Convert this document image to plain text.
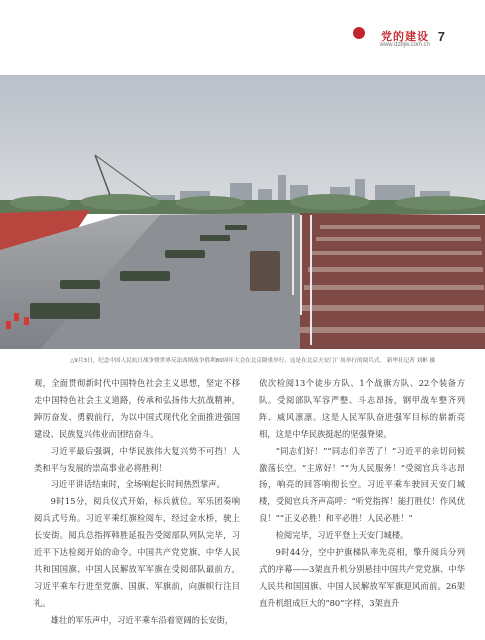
党的建设
www.dzbjw.com.cn
7
△9月3日，纪念中国人民抗日战争暨世界反法西斯战争胜利80周年大会在北京隆重举行，这是在北京天安门广场举行的阅兵式。 新华社记者 刘彬 摄

观，全面贯彻新时代中国特色社会主义思想，坚定不移走中国特色社会主义道路，传承和弘扬伟大抗战精神，踔厉奋发、勇毅前行，为以中国式现代化全面推进强国建设、民族复兴伟业而团结奋斗。

习近平最后强调，中华民族伟大复兴势不可挡！人类和平与发展的崇高事业必将胜利！

习近平讲话结束时，全场响起长时间热烈掌声。

9时15分，阅兵仪式开始，标兵就位。军乐团奏响阅兵式号角。习近平乘红旗检阅车，经过金水桥，驶上长安街。阅兵总指挥韩胜延报告受阅部队列队完毕，习近平下达检阅开始的命令。中国共产党党旗、中华人民共和国国旗、中国人民解放军军旗在受阅部队最前方，习近平乘车行进至党旗、国旗、军旗前，向旗帜行注目礼。

雄壮的军乐声中，习近平乘车沿着宽阔的长安街，

依次检阅13个徒步方队、1个战旗方队、22个装备方队。受阅部队军容严整、斗志昂扬，钢甲战车整齐列阵、威风凛凛。这是人民军队奋进强军目标的崭新亮相，这是中华民族挺起的坚强脊梁。

“同志们好！”“同志们辛苦了！”习近平的亲切问候激荡长空。“主席好！”“为人民服务！”受阅官兵斗志昂扬，响亮的回答响彻长空。习近平乘车驶回天安门城楼，受阅官兵齐声高呼：“听党指挥！能打胜仗！作风优良！”“正义必胜！和平必胜！人民必胜！”

检阅完毕，习近平登上天安门城楼。

9时44分，空中护旗梯队率先亮相，擎升阅兵分列式的序幕——3架直升机分别悬挂中国共产党党旗、中华人民共和国国旗、中国人民解放军军旗迎风而前。26架直升机组成巨大的“80”字样，3架直升
